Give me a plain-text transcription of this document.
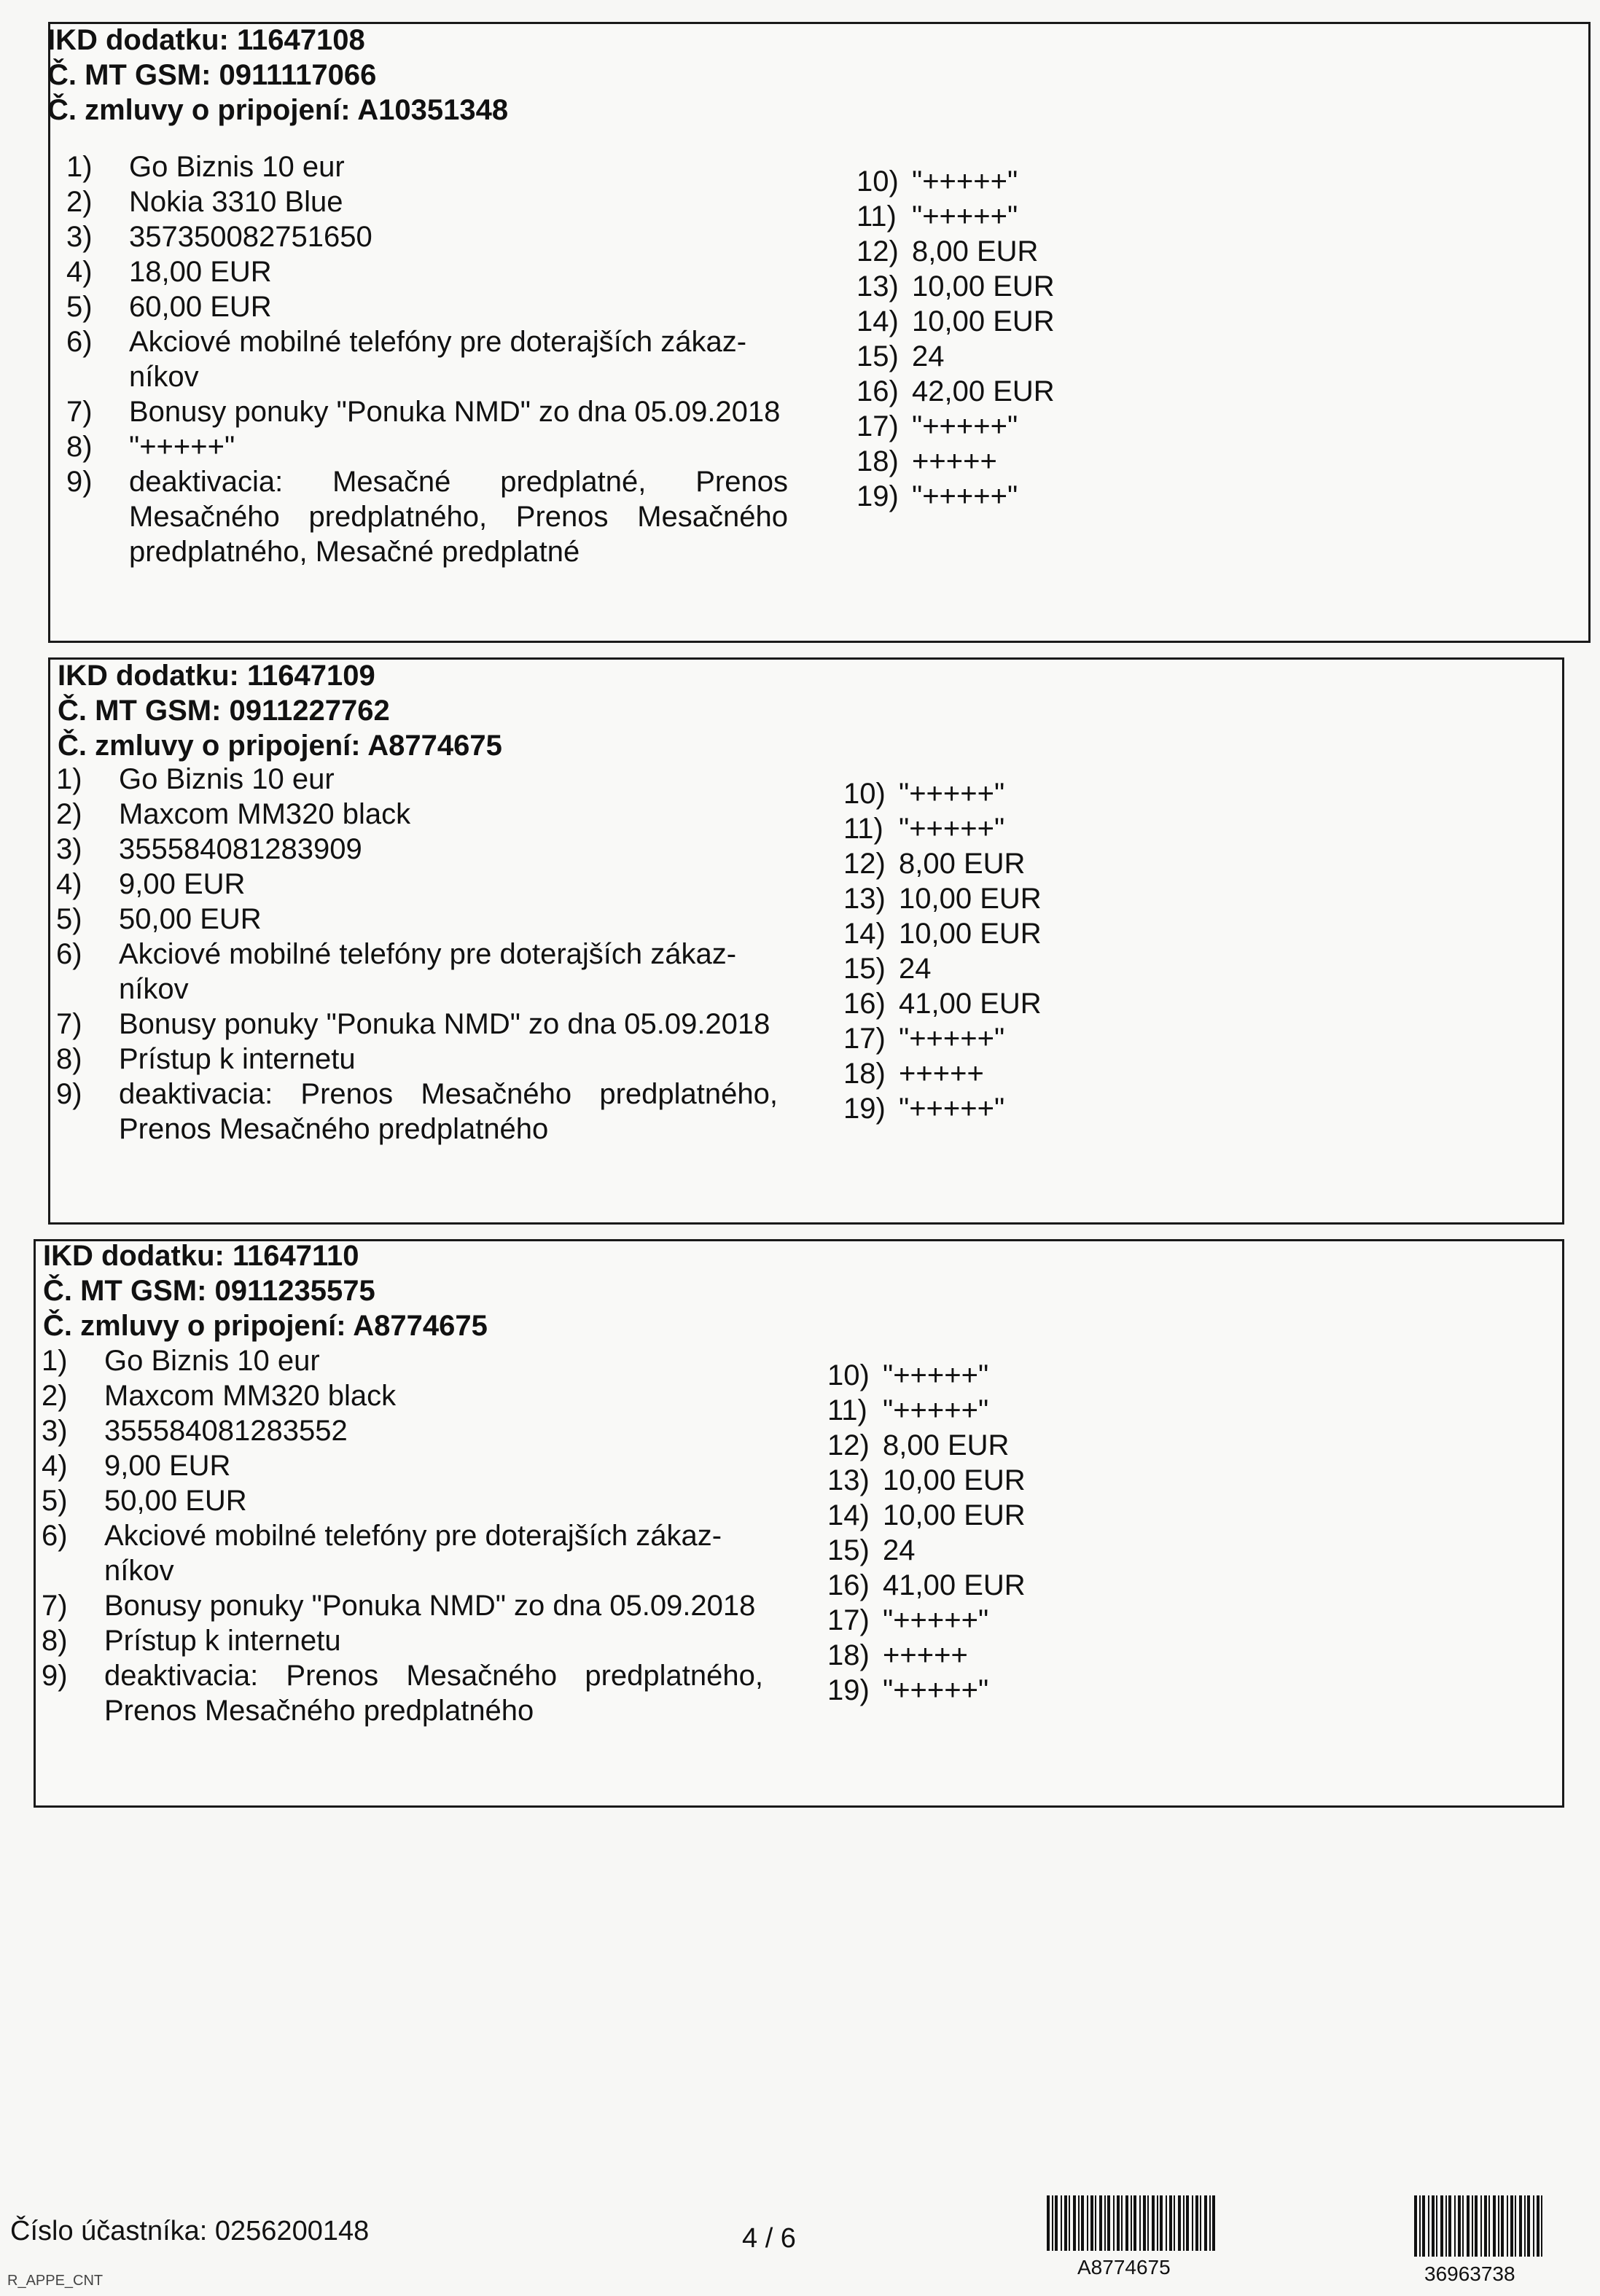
IKD dodatku: 11647108
Č. MT GSM: 0911117066
Č. zmluvy o pripojení: A10351348
1)	Go Biznis 10 eur
2)	Nokia 3310 Blue
3)	357350082751650
4)	18,00 EUR
5)	60,00 EUR
6)	Akciové mobilné telefóny pre doterajších zákaz-níkov
7)	Bonusy ponuky "Ponuka NMD" zo dna 05.09.2018
8)	"+++++"
9)	deaktivacia: Mesačné predplatné, Prenos Mesačného predplatného, Prenos Mesačného predplatného, Mesačné predplatné
10) "+++++"
11) "+++++"
12) 8,00 EUR
13) 10,00 EUR
14) 10,00 EUR
15) 24
16) 42,00 EUR
17) "+++++"
18) +++++
19) "+++++"
IKD dodatku: 11647109
Č. MT GSM: 0911227762
Č. zmluvy o pripojení: A8774675
1)	Go Biznis 10 eur
2)	Maxcom MM320 black
3)	355584081283909
4)	9,00 EUR
5)	50,00 EUR
6)	Akciové mobilné telefóny pre doterajších zákaz-níkov
7)	Bonusy ponuky "Ponuka NMD" zo dna 05.09.2018
8)	Prístup k internetu
9)	deaktivacia: Prenos Mesačného predplatného, Prenos Mesačného predplatného
10) "+++++"
11) "+++++"
12) 8,00 EUR
13) 10,00 EUR
14) 10,00 EUR
15) 24
16) 41,00 EUR
17) "+++++"
18) +++++
19) "+++++"
IKD dodatku: 11647110
Č. MT GSM: 0911235575
Č. zmluvy o pripojení: A8774675
1)	Go Biznis 10 eur
2)	Maxcom MM320 black
3)	355584081283552
4)	9,00 EUR
5)	50,00 EUR
6)	Akciové mobilné telefóny pre doterajších zákaz-níkov
7)	Bonusy ponuky "Ponuka NMD" zo dna 05.09.2018
8)	Prístup k internetu
9)	deaktivacia: Prenos Mesačného predplatného, Prenos Mesačného predplatného
10) "+++++"
11) "+++++"
12) 8,00 EUR
13) 10,00 EUR
14) 10,00 EUR
15) 24
16) 41,00 EUR
17) "+++++"
18) +++++
19) "+++++"
Číslo účastníka: 0256200148
R_APPE_CNT
4 / 6
A8774675	36963738
